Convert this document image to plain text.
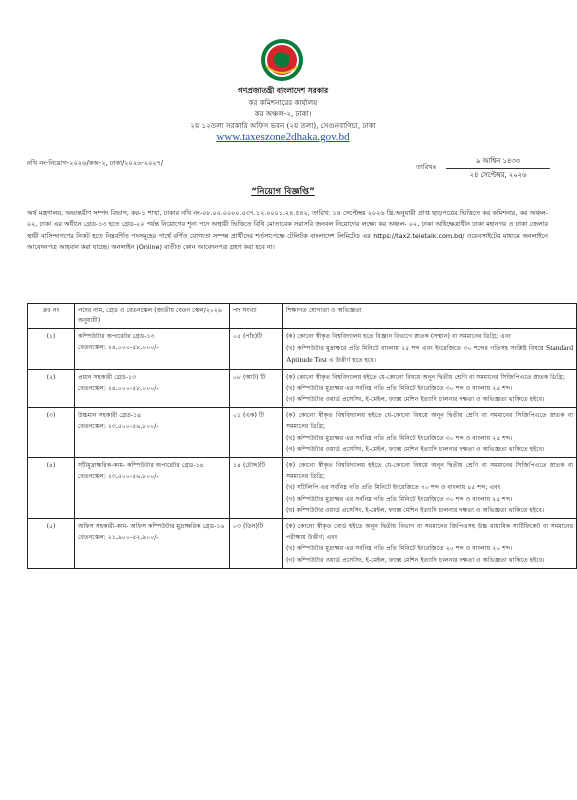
গণপ্রজাতন্ত্রী বাংলাদেশ সরকার
কর কমিশনারের কার্যালয়
কর অঞ্চল-২, ঢাকা।
২য় ১২তলা সরকারি অফিস ভবন (২য় তলা), সেগুনবাগিচা, ঢাকা
www.taxeszone2dhaka.gov.bd
নথি নং-নিয়োগ-২০২৬/কঅ-২, ঢাকা/২০২৬-২০২৭/	তারিখঃ
৯ আশ্বিন ১৪৩৩
২৪ সেপ্টেম্বর, ২০২৬
“নিয়োগ বিজ্ঞপ্তি”

অর্থ মন্ত্রণালয়, অভ্যন্তরীণ সম্পদ বিভাগ, কর-১ শাখা, ঢাকার নথি নং-০৮.০০.০০০০.০৩৭.১২.০০০১.২৪.৫৪২, তারিখ: ১৪ সেপ্টেম্বর ২০২৬ খ্রি.অনুযায়ী প্রাপ্ত ছাড়পত্রের ভিত্তিতে কর কমিশনার, কর অঞ্চল- ০২, ঢাকা এর অধীনে গ্রেড-১৩ হতে গ্রেড-২০ পর্যন্ত নিয়োগের শূন্য পদে অস্থায়ী ভিত্তিতে বিধি মোতাবেক সরাসরি জনবল নিয়োগের লক্ষ্যে কর অঞ্চল- ০২, ঢাকা অধিক্ষেত্রাধীন ঢাকা মহানগর ও ঢাকা জেলার স্থায়ী বাসিন্দাগণের নিকট হতে নিম্নবর্ণিত পদসমূহের পার্শ্বে বর্ণিত যোগ্যতা সম্পন্ন প্রার্থীদের শর্তসাপেক্ষে টেলিটক বাংলাদেশ লিমিটেড এর https://tax2.teletalk.com.bd/ ওয়েবসাইটের মাধ্যমে অনলাইনে আবেদনপত্র আহবান করা যাচ্ছে। অনলাইন (Online) ব্যতীত কোন আবেদনপত্র গ্রহণ করা হবে না।

ক্রঃ নং	পদের নাম, গ্রেড ও বেতনস্কেল (জাতীয় বেতন স্কেল/২০২৬ অনুযায়ী)	পদ সংখ্যা	শিক্ষাগত যোগ্যতা ও অভিজ্ঞতা
(১)	কম্পিউটার অপারেটর গ্রেড-১৩
বেতনস্কেল: ২৪,০০০-৫৮,০০০/-	০৫ (পাঁচ)টি	(ক) কোনো স্বীকৃত বিশ্ববিদ্যালয় হতে বিজ্ঞান বিভাগে স্নাতক (সম্মান) বা সমমানের ডিগ্রি; এবং
(খ) কম্পিউটার মুদ্রাক্ষরে প্রতি মিনিটে বাংলায় ২৫ শব্দ এবং ইংরেজিতে ৩০ শব্দের গতিসহ সংশ্লিষ্ট বিষয়ে Standard Aptitude Test এ উত্তীর্ণ হতে হবে।

(২)	প্রধান সহকারী গ্রেড-১৩
বেতনস্কেল: ২৪,০০০-৫৮,০০০/-	০৮ (আট) টি	(ক) কোনো স্বীকৃত বিশ্ববিদ্যালয় হইতে যে-কোনো বিষয়ে অনূন দ্বিতীয় শ্রেণি বা সমমানের সিজিপিএতে স্নাতক ডিগ্রি;
(খ) কম্পিউটার মুদ্রাক্ষর এর সর্বনিম্ন গতি প্রতি মিনিটে ইংরেজিতে ৩০ শব্দ ও বাংলায় ২৫ শব্দ।
(গ) কম্পিউটার ওয়ার্ড প্রসেসিং, ই-মেইল, ফ্যাক্স মেশিন ইত্যাদি চালনার দক্ষতা ও অভিজ্ঞতা থাকিতে হইবে।

(৩)	উচ্চমান সহকারী গ্রেড-১৪
বেতনস্কেল: ২৩,৫০০-৫৬,৮০০/-	০১ (এক) টি	(ক) কোনো স্বীকৃত বিশ্ববিদ্যালয় হইতে যে-কোনো বিষয়ে অনূন দ্বিতীয় শ্রেণি বা সমমানের সিজিপিএতে স্নাতক বা সমমানের ডিগ্রি;
(খ) কম্পিউটার মুদ্রাক্ষর এর সর্বনিম্ন গতি প্রতি মিনিটে ইংরেজিতে ৩০ শব্দ ও বাংলায় ২৫ শব্দ।
(গ) কম্পিউটার ওয়ার্ড প্রসেসিং, ই-মেইল, ফ্যাক্স মেশিন ইত্যাদি চালনার দক্ষতা ও অভিজ্ঞতা থাকিতে হইবে।

(৪)	সাঁটমুদ্রাক্ষরিক-কাম- কম্পিউটার অপারেটর গ্রেড-১৪
বেতনস্কেল: ২৩,৫০০-৫৬,৮০০/-	১৪ (চৌদ্দ)টি	(ক) কোনো স্বীকৃত বিশ্ববিদ্যালয় হইতে যে-কোনো বিষয়ে অনূন দ্বিতীয় শ্রেণি বা সমমানের সিজিপিএতে স্নাতক বা সমমানের ডিগ্রি;
(খ) সাঁটলিপি এর সর্বনিম্ন গতি প্রতি মিনিটে ইংরেজিতে ৭০ শব্দ ও বাংলায় ৪৫ শব্দ; এবং
(গ) কম্পিউটার মুদ্রাক্ষর এর সর্বনিম্ন গতি প্রতি মিনিটে ইংরেজিতে ৩০ শব্দ ও বাংলায় ২৫ শব্দ।
(ঘ) কম্পিউটার ওয়ার্ড প্রসেসিং, ই-মেইল, ফ্যাক্স মেশিন ইত্যাদি চালনার দক্ষতা ও অভিজ্ঞতা থাকিতে হইবে।

(৫)	অফিস সহকারী-কাম- অফিস কম্পিউটার মুদ্রাক্ষরিক গ্রেড-১৬
বেতনস্কেল: ২১,৯০০-৫২,৯০০/-	০৩ (তিন)টি	(ক) কোনো স্বীকৃত বোর্ড হইতে অনূন দ্বিতীয় বিভাগ বা সমমানের জিপিএসহ উচ্চ মাধ্যমিক সার্টিফিকেট বা সমমানের পরীক্ষায় উত্তীর্ণ; এবং
(খ) কম্পিউটার মুদ্রাক্ষর এর সর্বনিম্ন গতি প্রতি মিনিটে ইংরেজিতে ২০ শব্দ ও বাংলায় ২০ শব্দ।
(গ) কম্পিউটার ওয়ার্ড প্রসেসিং, ই-মেইল, ফ্যাক্স মেশিন ইত্যাদি চালনার দক্ষতা ও অভিজ্ঞতা থাকিতে হইবে।
